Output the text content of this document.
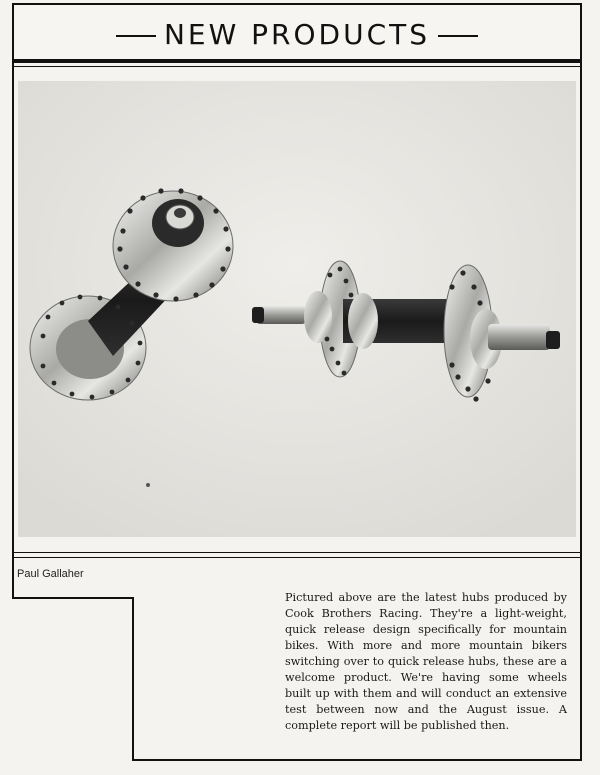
NEW PRODUCTS
Paul Gallaher
Pictured above are the latest hubs produced by Cook Brothers Racing. They're a light-weight, quick release design specifically for mountain bikes. With more and more mountain bikers switching over to quick release hubs, these are a welcome product. We're having some wheels built up with them and will conduct an extensive test between now and the August issue. A complete report will be published then.
